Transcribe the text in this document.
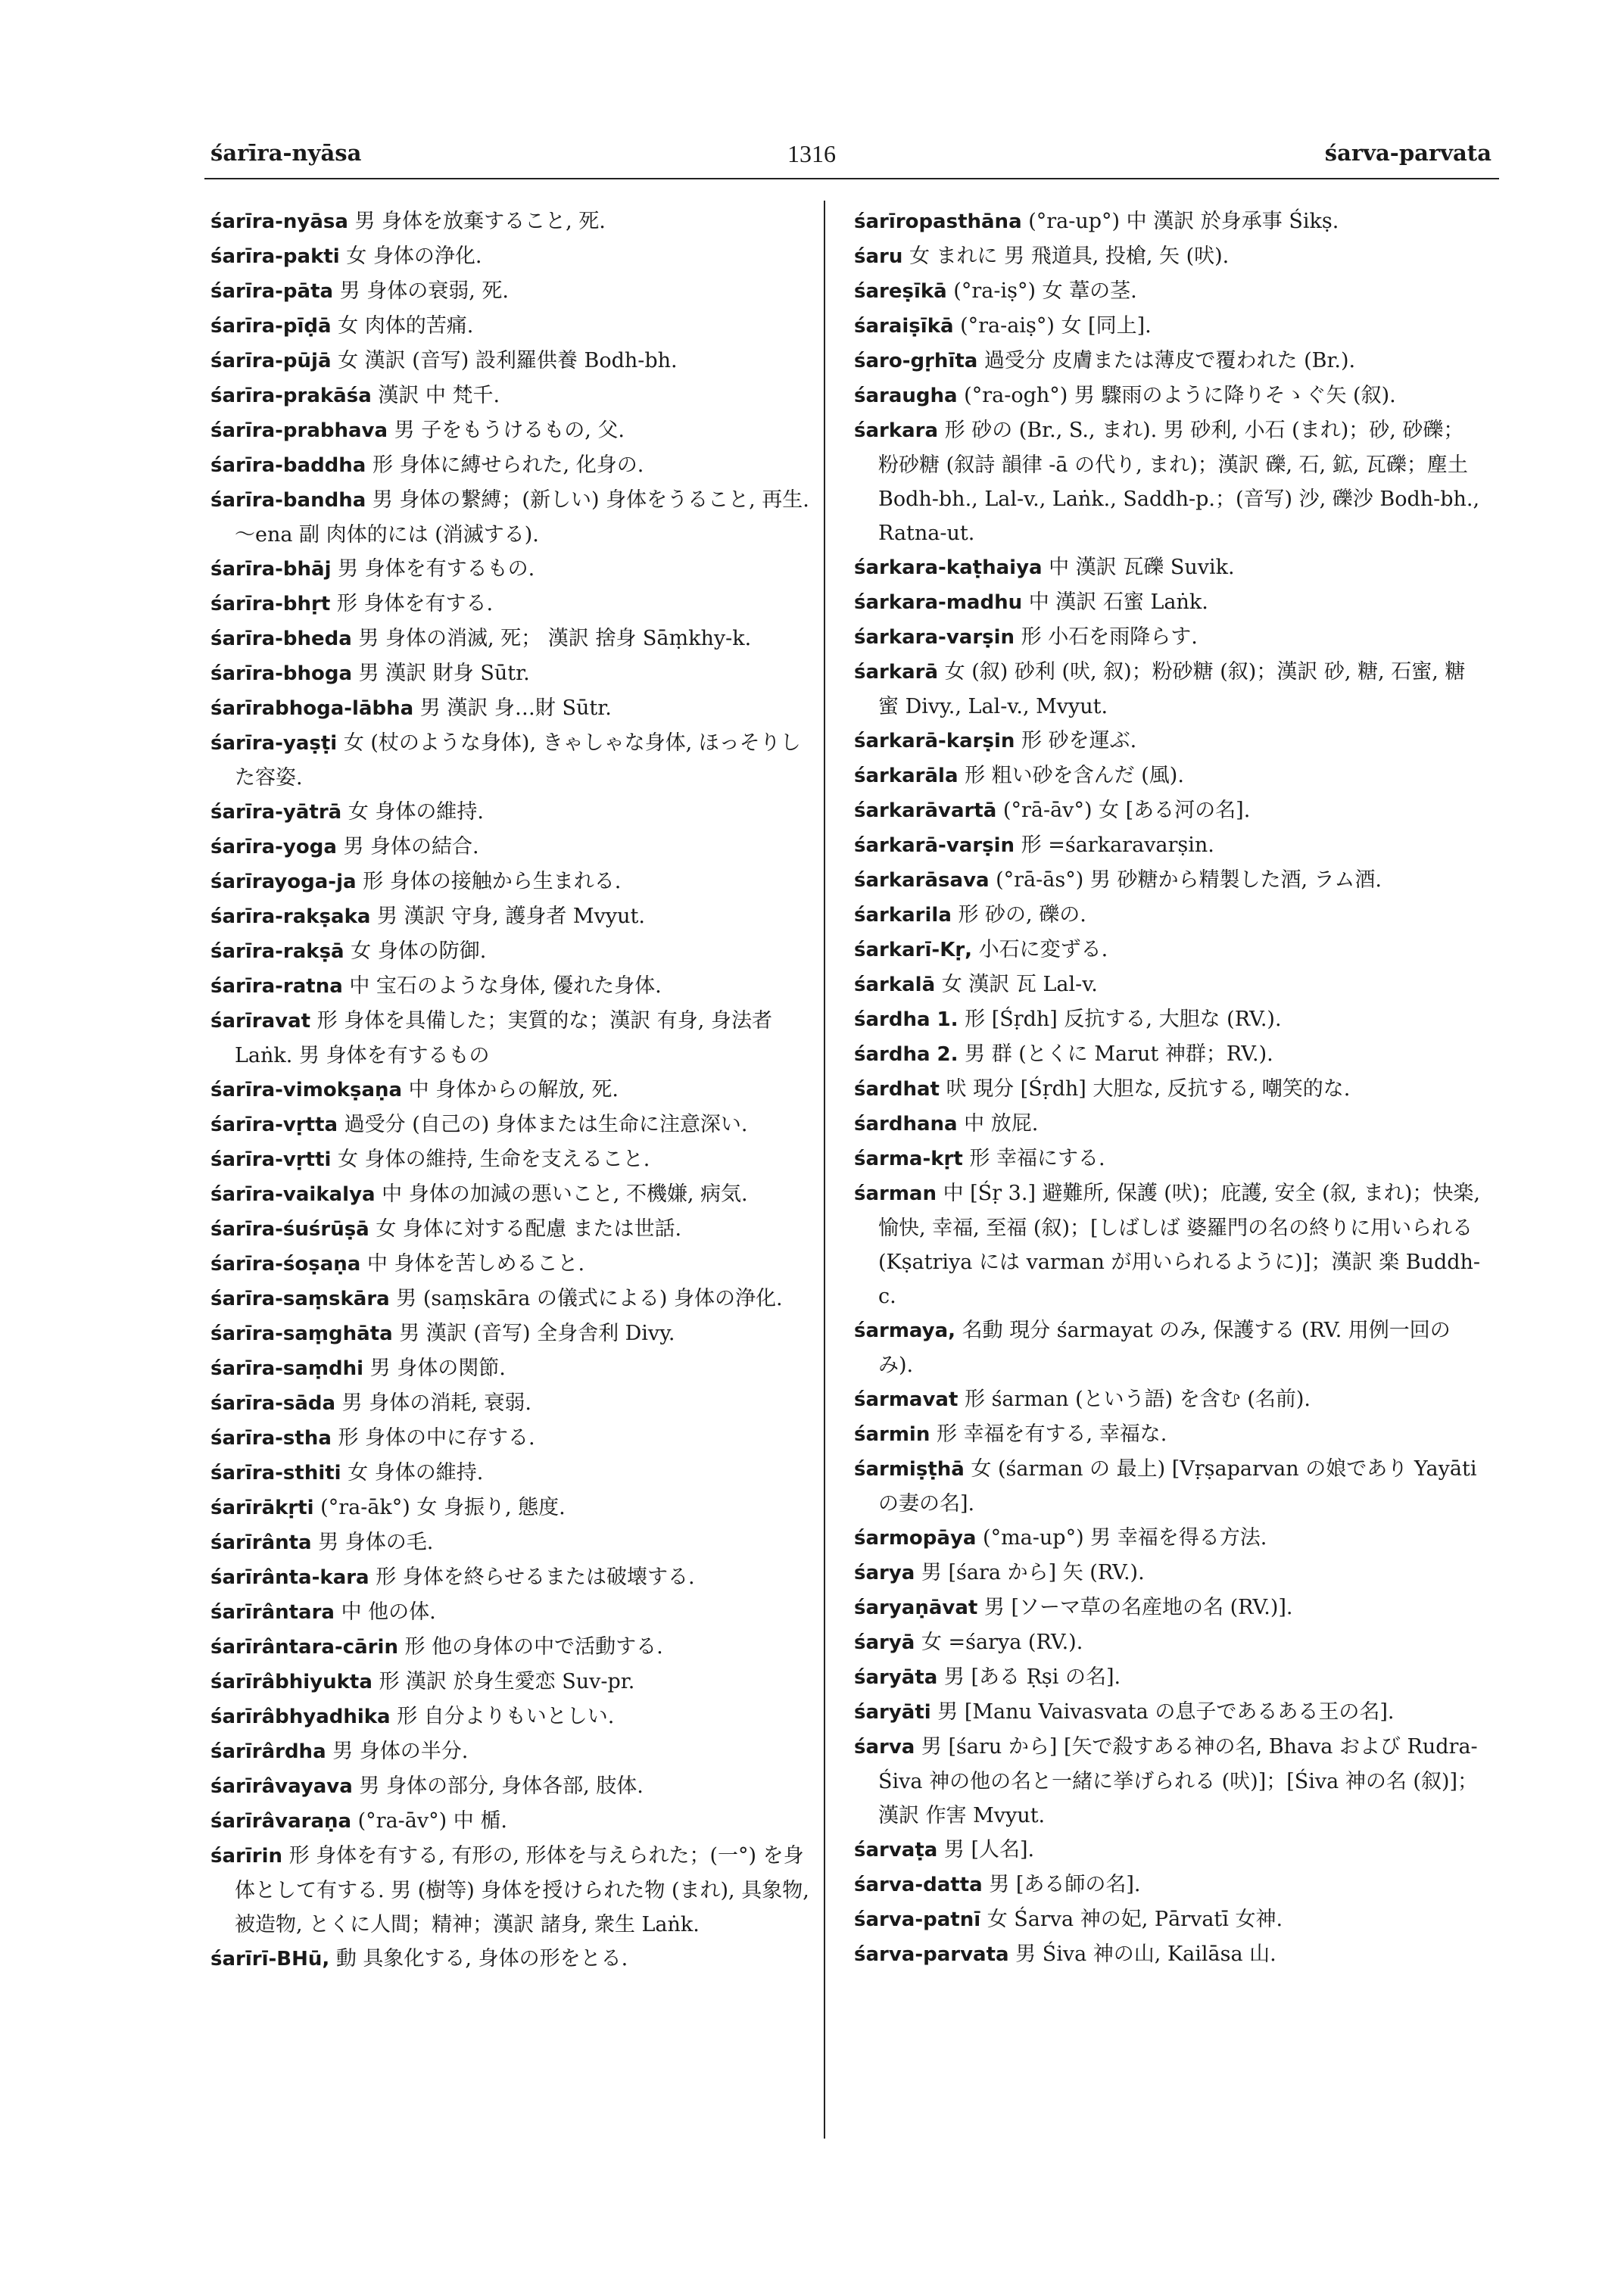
śarīra-nyāsa	1316	śarva-parvata

śarīra-nyāsa 男 身体を放棄すること, 死.

śarīra-pakti 女 身体の浄化.

śarīra-pāta 男 身体の衰弱, 死.

śarīra-pīḍā 女 肉体的苦痛.

śarīra-pūjā 女 漢訳 (音写) 設利羅供養 Bodh-bh.

śarīra-prakāśa 漢訳 中 梵千.

śarīra-prabhava 男 子をもうけるもの, 父.

śarīra-baddha 形 身体に縛せられた, 化身の.

śarīra-bandha 男 身体の繋縛；(新しい) 身体をうること, 再生. ～ena 副 肉体的には (消滅する).

śarīra-bhāj 男 身体を有するもの.

śarīra-bhṛt 形 身体を有する.

śarīra-bheda 男 身体の消滅, 死； 漢訳 捨身 Sāṃkhy-k.

śarīra-bhoga 男 漢訳 財身 Sūtr.

śarīrabhoga-lābha 男 漢訳 身…財 Sūtr.

śarīra-yaṣṭi 女 (杖のような身体), きゃしゃな身体, ほっそりした容姿.

śarīra-yātrā 女 身体の維持.

śarīra-yoga 男 身体の結合.

śarīrayoga-ja 形 身体の接触から生まれる.

śarīra-rakṣaka 男 漢訳 守身, 護身者 Mvyut.

śarīra-rakṣā 女 身体の防御.

śarīra-ratna 中 宝石のような身体, 優れた身体.

śarīravat 形 身体を具備した；実質的な；漢訳 有身, 身法者 Laṅk. 男 身体を有するもの

śarīra-vimokṣaṇa 中 身体からの解放, 死.

śarīra-vṛtta 過受分 (自己の) 身体または生命に注意深い.

śarīra-vṛtti 女 身体の維持, 生命を支えること.

śarīra-vaikalya 中 身体の加減の悪いこと, 不機嫌, 病気.

śarīra-śuśrūṣā 女 身体に対する配慮 または世話.

śarīra-śoṣaṇa 中 身体を苦しめること.

śarīra-saṃskāra 男 (saṃskāra の儀式による) 身体の浄化.

śarīra-saṃghāta 男 漢訳 (音写) 全身舎利 Divy.

śarīra-saṃdhi 男 身体の関節.

śarīra-sāda 男 身体の消耗, 衰弱.

śarīra-stha 形 身体の中に存する.

śarīra-sthiti 女 身体の維持.

śarīrākṛti (°ra-āk°) 女 身振り, 態度.

śarīrânta 男 身体の毛.

śarīrânta-kara 形 身体を終らせるまたは破壊する.

śarīrântara 中 他の体.

śarīrântara-cārin 形 他の身体の中で活動する.

śarīrâbhiyukta 形 漢訳 於身生愛恋 Suv-pr.

śarīrâbhyadhika 形 自分よりもいとしい.

śarīrârdha 男 身体の半分.

śarīrâvayava 男 身体の部分, 身体各部, 肢体.

śarīrâvaraṇa (°ra-āv°) 中 楯.

śarīrin 形 身体を有する, 有形の, 形体を与えられた；(一°) を身体として有する. 男 (樹等) 身体を授けられた物 (まれ), 具象物, 被造物, とくに人間；精神；漢訳 諸身, 衆生 Laṅk.

śarīrī-BHū, 動 具象化する, 身体の形をとる.

śarīropasthāna (°ra-up°) 中 漢訳 於身承事 Śikṣ.

śaru 女 まれに 男 飛道具, 投槍, 矢 (吠).

śareṣīkā (°ra-iṣ°) 女 葦の茎.

śaraiṣīkā (°ra-aiṣ°) 女 [同上].

śaro-gṛhīta 過受分 皮膚または薄皮で覆われた (Br.).

śaraugha (°ra-ogh°) 男 驟雨のように降りそゝぐ矢 (叙).

śarkara 形 砂の (Br., S., まれ). 男 砂利, 小石 (まれ)；砂, 砂礫；粉砂糖 (叙詩 韻律 -ā の代り, まれ)；漢訳 礫, 石, 鉱, 瓦礫；塵土 Bodh-bh., Lal-v., Laṅk., Saddh-p.；(音写) 沙, 礫沙 Bodh-bh., Ratna-ut.

śarkara-kaṭhaiya 中 漢訳 瓦礫 Suvik.

śarkara-madhu 中 漢訳 石蜜 Laṅk.

śarkara-varṣin 形 小石を雨降らす.

śarkarā 女 (叙) 砂利 (吠, 叙)；粉砂糖 (叙)；漢訳 砂, 糖, 石蜜, 糖蜜 Divy., Lal-v., Mvyut.

śarkarā-karṣin 形 砂を運ぶ.

śarkarāla 形 粗い砂を含んだ (風).

śarkarāvartā (°rā-āv°) 女 [ある河の名].

śarkarā-varṣin 形 =śarkaravarṣin.

śarkarāsava (°rā-ās°) 男 砂糖から精製した酒, ラム酒.

śarkarila 形 砂の, 礫の.

śarkarī-Kṛ, 小石に変ずる.

śarkalā 女 漢訳 瓦 Lal-v.

śardha 1. 形 [Śṛdh] 反抗する, 大胆な (RV.).

śardha 2. 男 群 (とくに Marut 神群；RV.).

śardhat 吠 現分 [Śṛdh] 大胆な, 反抗する, 嘲笑的な.

śardhana 中 放屁.

śarma-kṛt 形 幸福にする.

śarman 中 [Śṛ 3.] 避難所, 保護 (吠)；庇護, 安全 (叙, まれ)；快楽, 愉快, 幸福, 至福 (叙)；[しばしば 婆羅門の名の終りに用いられる (Kṣatriya には varman が用いられるように)]；漢訳 楽 Buddh-c.

śarmaya, 名動 現分 śarmayat のみ, 保護する (RV. 用例一回のみ).

śarmavat 形 śarman (という語) を含む (名前).

śarmin 形 幸福を有する, 幸福な.

śarmiṣṭhā 女 (śarman の 最上) [Vṛṣaparvan の娘であり Yayāti の妻の名].

śarmopāya (°ma-up°) 男 幸福を得る方法.

śarya 男 [śara から] 矢 (RV.).

śaryaṇāvat 男 [ソーマ草の名産地の名 (RV.)].

śaryā 女 =śarya (RV.).

śaryāta 男 [ある Ṛṣi の名].

śaryāti 男 [Manu Vaivasvata の息子であるある王の名].

śarva 男 [śaru から] [矢で殺すある神の名, Bhava および Rudra-Śiva 神の他の名と一緒に挙げられる (吠)]；[Śiva 神の名 (叙)]；漢訳 作害 Mvyut.

śarvaṭa 男 [人名].

śarva-datta 男 [ある師の名].

śarva-patnī 女 Śarva 神の妃, Pārvatī 女神.

śarva-parvata 男 Śiva 神の山, Kailāsa 山.
